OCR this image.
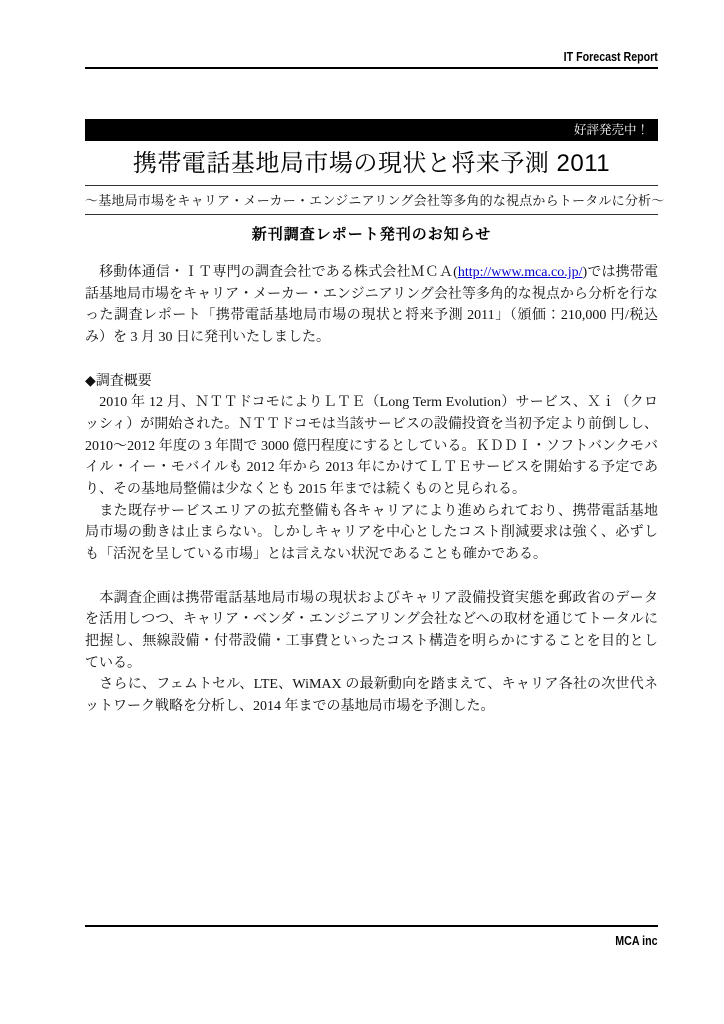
IT Forecast Report
好評発売中！
携帯電話基地局市場の現状と将来予測 2011
～基地局市場をキャリア・メーカー・エンジニアリング会社等多角的な視点からトータルに分析～
新刊調査レポート発刊のお知らせ

　移動体通信・ＩＴ専門の調査会社である株式会社ＭＣＡ(http://www.mca.co.jp/)では携帯電話基地局市場をキャリア・メーカー・エンジニアリング会社等多角的な視点から分析を行なった調査レポート「携帯電話基地局市場の現状と将来予測 2011」（頒価：210,000 円/税込み）を 3 月 30 日に発刊いたしました。

◆調査概要

　2010 年 12 月、ＮＴＴドコモによりＬＴＥ（Long Term Evolution）サービス、Ｘｉ（クロッシィ）が開始された。ＮＴＴドコモは当該サービスの設備投資を当初予定より前倒しし、2010～2012 年度の 3 年間で 3000 億円程度にするとしている。ＫＤＤＩ・ソフトバンクモバイル・イー・モバイルも 2012 年から 2013 年にかけてＬＴＥサービスを開始する予定であり、その基地局整備は少なくとも 2015 年までは続くものと見られる。

　また既存サービスエリアの拡充整備も各キャリアにより進められており、携帯電話基地局市場の動きは止まらない。しかしキャリアを中心としたコスト削減要求は強く、必ずしも「活況を呈している市場」とは言えない状況であることも確かである。

　本調査企画は携帯電話基地局市場の現状およびキャリア設備投資実態を郵政省のデータを活用しつつ、キャリア・ベンダ・エンジニアリング会社などへの取材を通じてトータルに把握し、無線設備・付帯設備・工事費といったコスト構造を明らかにすることを目的としている。

　さらに、フェムトセル、LTE、WiMAX の最新動向を踏まえて、キャリア各社の次世代ネットワーク戦略を分析し、2014 年までの基地局市場を予測した。

MCA inc
